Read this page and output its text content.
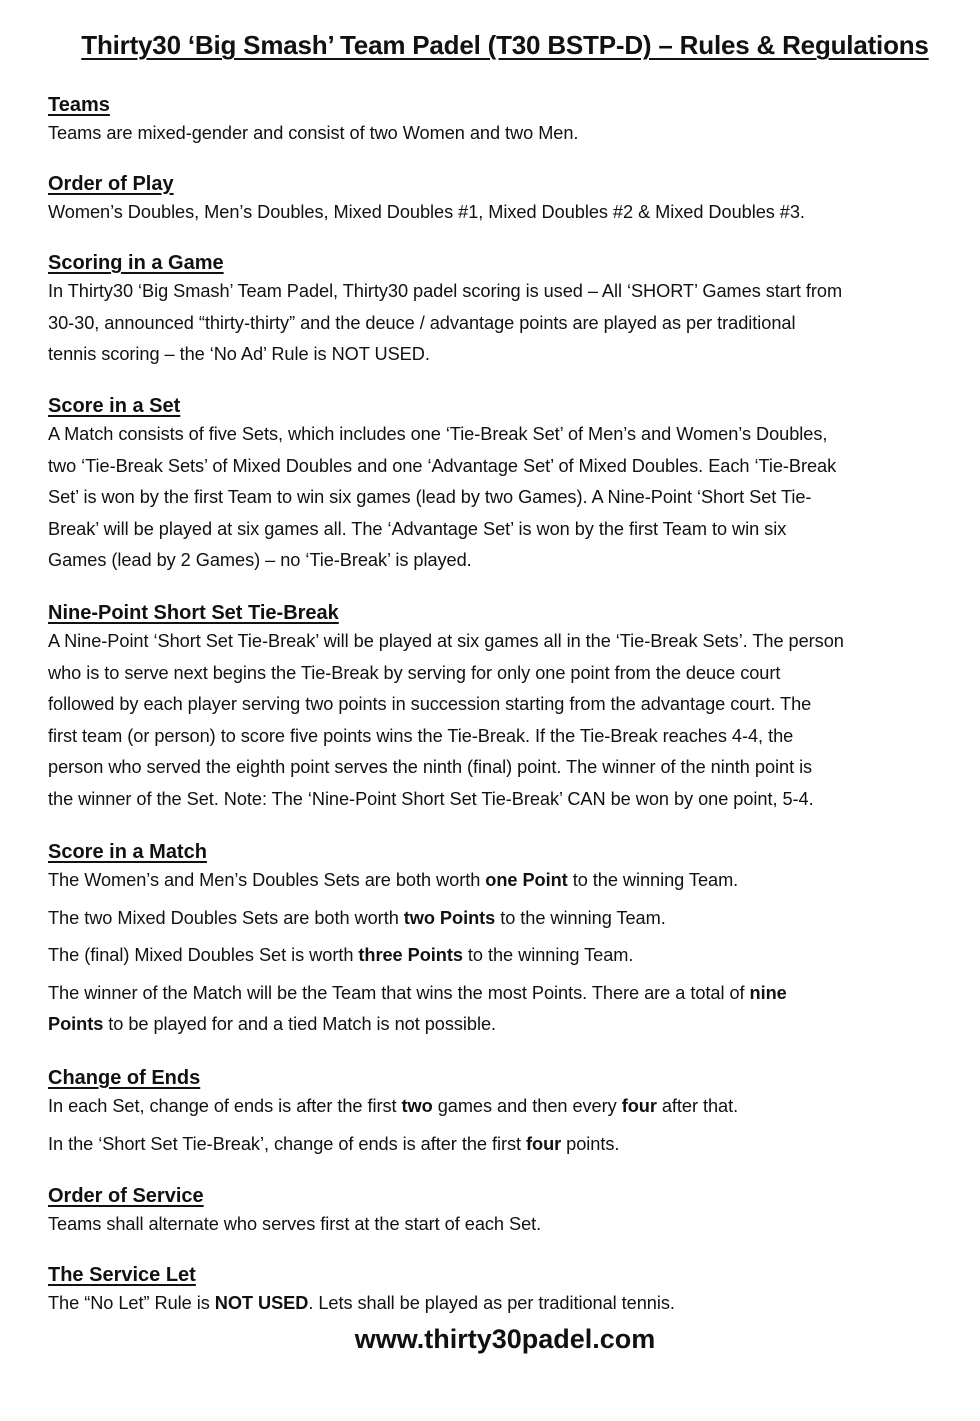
Thirty30 ‘Big Smash’ Team Padel (T30 BSTP-D) – Rules & Regulations
Teams

Teams are mixed-gender and consist of two Women and two Men.

Order of Play

Women’s Doubles, Men’s Doubles, Mixed Doubles #1, Mixed Doubles #2 & Mixed Doubles #3.

Scoring in a Game

In Thirty30 ‘Big Smash’ Team Padel, Thirty30 padel scoring is used – All ‘SHORT’ Games start from

30-30, announced “thirty-thirty” and the deuce / advantage points are played as per traditional

tennis scoring – the ‘No Ad’ Rule is NOT USED.

Score in a Set

A Match consists of five Sets, which includes one ‘Tie-Break Set’ of Men’s and Women’s Doubles,

two ‘Tie-Break Sets’ of Mixed Doubles and one ‘Advantage Set’ of Mixed Doubles. Each ‘Tie-Break

Set’ is won by the first Team to win six games (lead by two Games). A Nine-Point ‘Short Set Tie-

Break’ will be played at six games all. The ‘Advantage Set’ is won by the first Team to win six

Games (lead by 2 Games) – no ‘Tie-Break’ is played.

Nine-Point Short Set Tie-Break

A Nine-Point ‘Short Set Tie-Break’ will be played at six games all in the ‘Tie-Break Sets’. The person

who is to serve next begins the Tie-Break by serving for only one point from the deuce court

followed by each player serving two points in succession starting from the advantage court. The

first team (or person) to score five points wins the Tie-Break. If the Tie-Break reaches 4-4, the

person who served the eighth point serves the ninth (final) point. The winner of the ninth point is

the winner of the Set. Note: The ‘Nine-Point Short Set Tie-Break’ CAN be won by one point, 5-4.

Score in a Match

The Women’s and Men’s Doubles Sets are both worth one Point to the winning Team.

The two Mixed Doubles Sets are both worth two Points to the winning Team.

The (final) Mixed Doubles Set is worth three Points to the winning Team.

The winner of the Match will be the Team that wins the most Points. There are a total of nine

Points to be played for and a tied Match is not possible.

Change of Ends

In each Set, change of ends is after the first two games and then every four after that.

In the ‘Short Set Tie-Break’, change of ends is after the first four points.

Order of Service

Teams shall alternate who serves first at the start of each Set.

The Service Let

The “No Let” Rule is NOT USED. Lets shall be played as per traditional tennis.

www.thirty30padel.com
